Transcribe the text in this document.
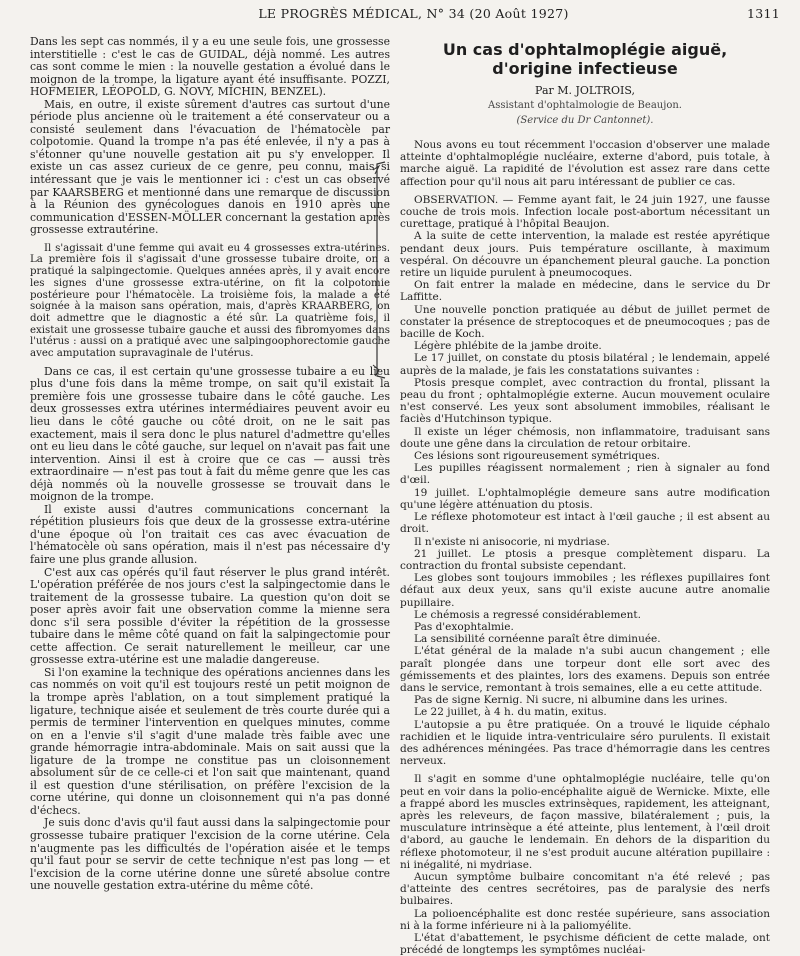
LE PROGRÈS MÉDICAL, N° 34 (20 Août 1927)	1311

Dans les sept cas nommés, il y a eu une seule fois, une grossesse interstitielle : c'est le cas de GUIDAL, déjà nommé. Les autres cas sont comme le mien : la nouvelle gestation a évolué dans le moignon de la trompe, la ligature ayant été insuffisante. POZZI, HOFMEIER, LÉOPOLD, G. NOVY, MICHIN, BENZEL).

Mais, en outre, il existe sûrement d'autres cas surtout d'une période plus ancienne où le traitement a été conservateur ou a consisté seulement dans l'évacuation de l'hématocèle par colpotomie. Quand la trompe n'a pas été enlevée, il n'y a pas à s'étonner qu'une nouvelle gestation ait pu s'y envelopper. Il existe un cas assez curieux de ce genre, peu connu, mais si intéressant que je vais le mentionner ici : c'est un cas observé par KAARSBERG et mentionné dans une remarque de discussion à la Réunion des gynécologues danois en 1910 après une communication d'ESSEN-MÖLLER concernant la gestation après grossesse extrautérine.

Il s'agissait d'une femme qui avait eu 4 grossesses extra-utérines. La première fois il s'agissait d'une grossesse tubaire droite, on a pratiqué la salpingectomie. Quelques années après, il y avait encore les signes d'une grossesse extra-utérine, on fit la colpotomie postérieure pour l'hématocèle. La troisième fois, la malade a été soignée à la maison sans opération, mais, d'après KRAARBERG, on doit admettre que le diagnostic a été sûr. La quatrième fois, il existait une grossesse tubaire gauche et aussi des fibromyomes dans l'utérus : aussi on a pratiqué avec une salpingoophorectomie gauche avec amputation supravaginale de l'utérus.

Dans ce cas, il est certain qu'une grossesse tubaire a eu lieu plus d'une fois dans la même trompe, on sait qu'il existait la première fois une grossesse tubaire dans le côté gauche. Les deux grossesses extra utérines intermédiaires peuvent avoir eu lieu dans le côté gauche ou côté droit, on ne le sait pas exactement, mais il sera donc le plus naturel d'admettre qu'elles ont eu lieu dans le côté gauche, sur lequel on n'avait pas fait une intervention. Ainsi il est à croire que ce cas — aussi très extraordinaire — n'est pas tout à fait du même genre que les cas déjà nommés où la nouvelle grossesse se trouvait dans le moignon de la trompe.

Il existe aussi d'autres communications concernant la répétition plusieurs fois que deux de la grossesse extra-utérine d'une époque où l'on traitait ces cas avec évacuation de l'hématocèle où sans opération, mais il n'est pas nécessaire d'y faire une plus grande allusion.

C'est aux cas opérés qu'il faut réserver le plus grand intérêt. L'opération préférée de nos jours c'est la salpingectomie dans le traitement de la grossesse tubaire. La question qu'on doit se poser après avoir fait une observation comme la mienne sera donc s'il sera possible d'éviter la répétition de la grossesse tubaire dans le même côté quand on fait la salpingectomie pour cette affection. Ce serait naturellement le meilleur, car une grossesse extra-utérine est une maladie dangereuse.

Si l'on examine la technique des opérations anciennes dans les cas nommés on voit qu'il est toujours resté un petit moignon de la trompe après l'ablation, on a tout simplement pratiqué la ligature, technique aisée et seulement de très courte durée qui a permis de terminer l'intervention en quelques minutes, comme on en a l'envie s'il s'agit d'une malade très faible avec une grande hémorragie intra-abdominale. Mais on sait aussi que la ligature de la trompe ne constitue pas un cloisonnement absolument sûr de ce celle-ci et l'on sait que maintenant, quand il est question d'une stérilisation, on préfère l'excision de la corne utérine, qui donne un cloisonnement qui n'a pas donné d'échecs.

Je suis donc d'avis qu'il faut aussi dans la salpingectomie pour grossesse tubaire pratiquer l'excision de la corne utérine. Cela n'augmente pas les difficultés de l'opération aisée et le temps qu'il faut pour se servir de cette technique n'est pas long — et l'excision de la corne utérine donne une sûreté absolue contre une nouvelle gestation extra-utérine du même côté.

Un cas d'ophtalmoplégie aiguë,
d'origine infectieuse
Par M. JOLTROIS,
Assistant d'ophtalmologie de Beaujon.
(Service du Dr Cantonnet).

Nous avons eu tout récemment l'occasion d'observer une malade atteinte d'ophtalmoplégie nucléaire, externe d'abord, puis totale, à marche aiguë. La rapidité de l'évolution est assez rare dans cette affection pour qu'il nous ait paru intéressant de publier ce cas.

OBSERVATION. — Femme ayant fait, le 24 juin 1927, une fausse couche de trois mois. Infection locale post-abortum nécessitant un curettage, pratiqué à l'hôpital Beaujon.

A la suite de cette intervention, la malade est restée apyrétique pendant deux jours. Puis température oscillante, à maximum vespéral. On découvre un épanchement pleural gauche. La ponction retire un liquide purulent à pneumocoques.

On fait entrer la malade en médecine, dans le service du Dr Laffitte.

Une nouvelle ponction pratiquée au début de juillet permet de constater la présence de streptocoques et de pneumocoques ; pas de bacille de Koch.

Légère phlébite de la jambe droite.

Le 17 juillet, on constate du ptosis bilatéral ; le lendemain, appelé auprès de la malade, je fais les constatations suivantes :

Ptosis presque complet, avec contraction du frontal, plissant la peau du front ; ophtalmoplégie externe. Aucun mouvement oculaire n'est conservé. Les yeux sont absolument immobiles, réalisant le faciès d'Hutchinson typique.

Il existe un léger chémosis, non inflammatoire, traduisant sans doute une gêne dans la circulation de retour orbitaire.

Ces lésions sont rigoureusement symétriques.

Les pupilles réagissent normalement ; rien à signaler au fond d'œil.

19 juillet. L'ophtalmoplégie demeure sans autre modification qu'une légère atténuation du ptosis.

Le réflexe photomoteur est intact à l'œil gauche ; il est absent au droit.

Il n'existe ni anisocorie, ni mydriase.

21 juillet. Le ptosis a presque complètement disparu. La contraction du frontal subsiste cependant.

Les globes sont toujours immobiles ; les réflexes pupillaires font défaut aux deux yeux, sans qu'il existe aucune autre anomalie pupillaire.

Le chémosis a regressé considérablement.

Pas d'exophtalmie.

La sensibilité cornéenne paraît être diminuée.

L'état général de la malade n'a subi aucun changement ; elle paraît plongée dans une torpeur dont elle sort avec des gémissements et des plaintes, lors des examens. Depuis son entrée dans le service, remontant à trois semaines, elle a eu cette attitude.

Pas de signe Kernig. Ni sucre, ni albumine dans les urines.

Le 22 juillet, à 4 h. du matin, exitus.

L'autopsie a pu être pratiquée. On a trouvé le liquide céphalo rachidien et le liquide intra-ventriculaire séro purulents. Il existait des adhérences méningées. Pas trace d'hémorragie dans les centres nerveux.

Il s'agit en somme d'une ophtalmoplégie nucléaire, telle qu'on peut en voir dans la polio-encéphalite aiguë de Wernicke. Mixte, elle a frappé abord les muscles extrinsèques, rapidement, les atteignant, après les releveurs, de façon massive, bilatéralement ; puis, la musculature intrinsèque a été atteinte, plus lentement, à l'œil droit d'abord, au gauche le lendemain. En dehors de la disparition du réflexe photomoteur, il ne s'est produit aucune altération pupillaire : ni inégalité, ni mydriase.

Aucun symptôme bulbaire concomitant n'a été relevé ; pas d'atteinte des centres secrétoires, pas de paralysie des nerfs bulbaires.

La polioencéphalite est donc restée supérieure, sans association ni à la forme inférieure ni à la paliomyélite.

L'état d'abattement, le psychisme déficient de cette malade, ont précédé de longtemps les symptômes nucléai-
